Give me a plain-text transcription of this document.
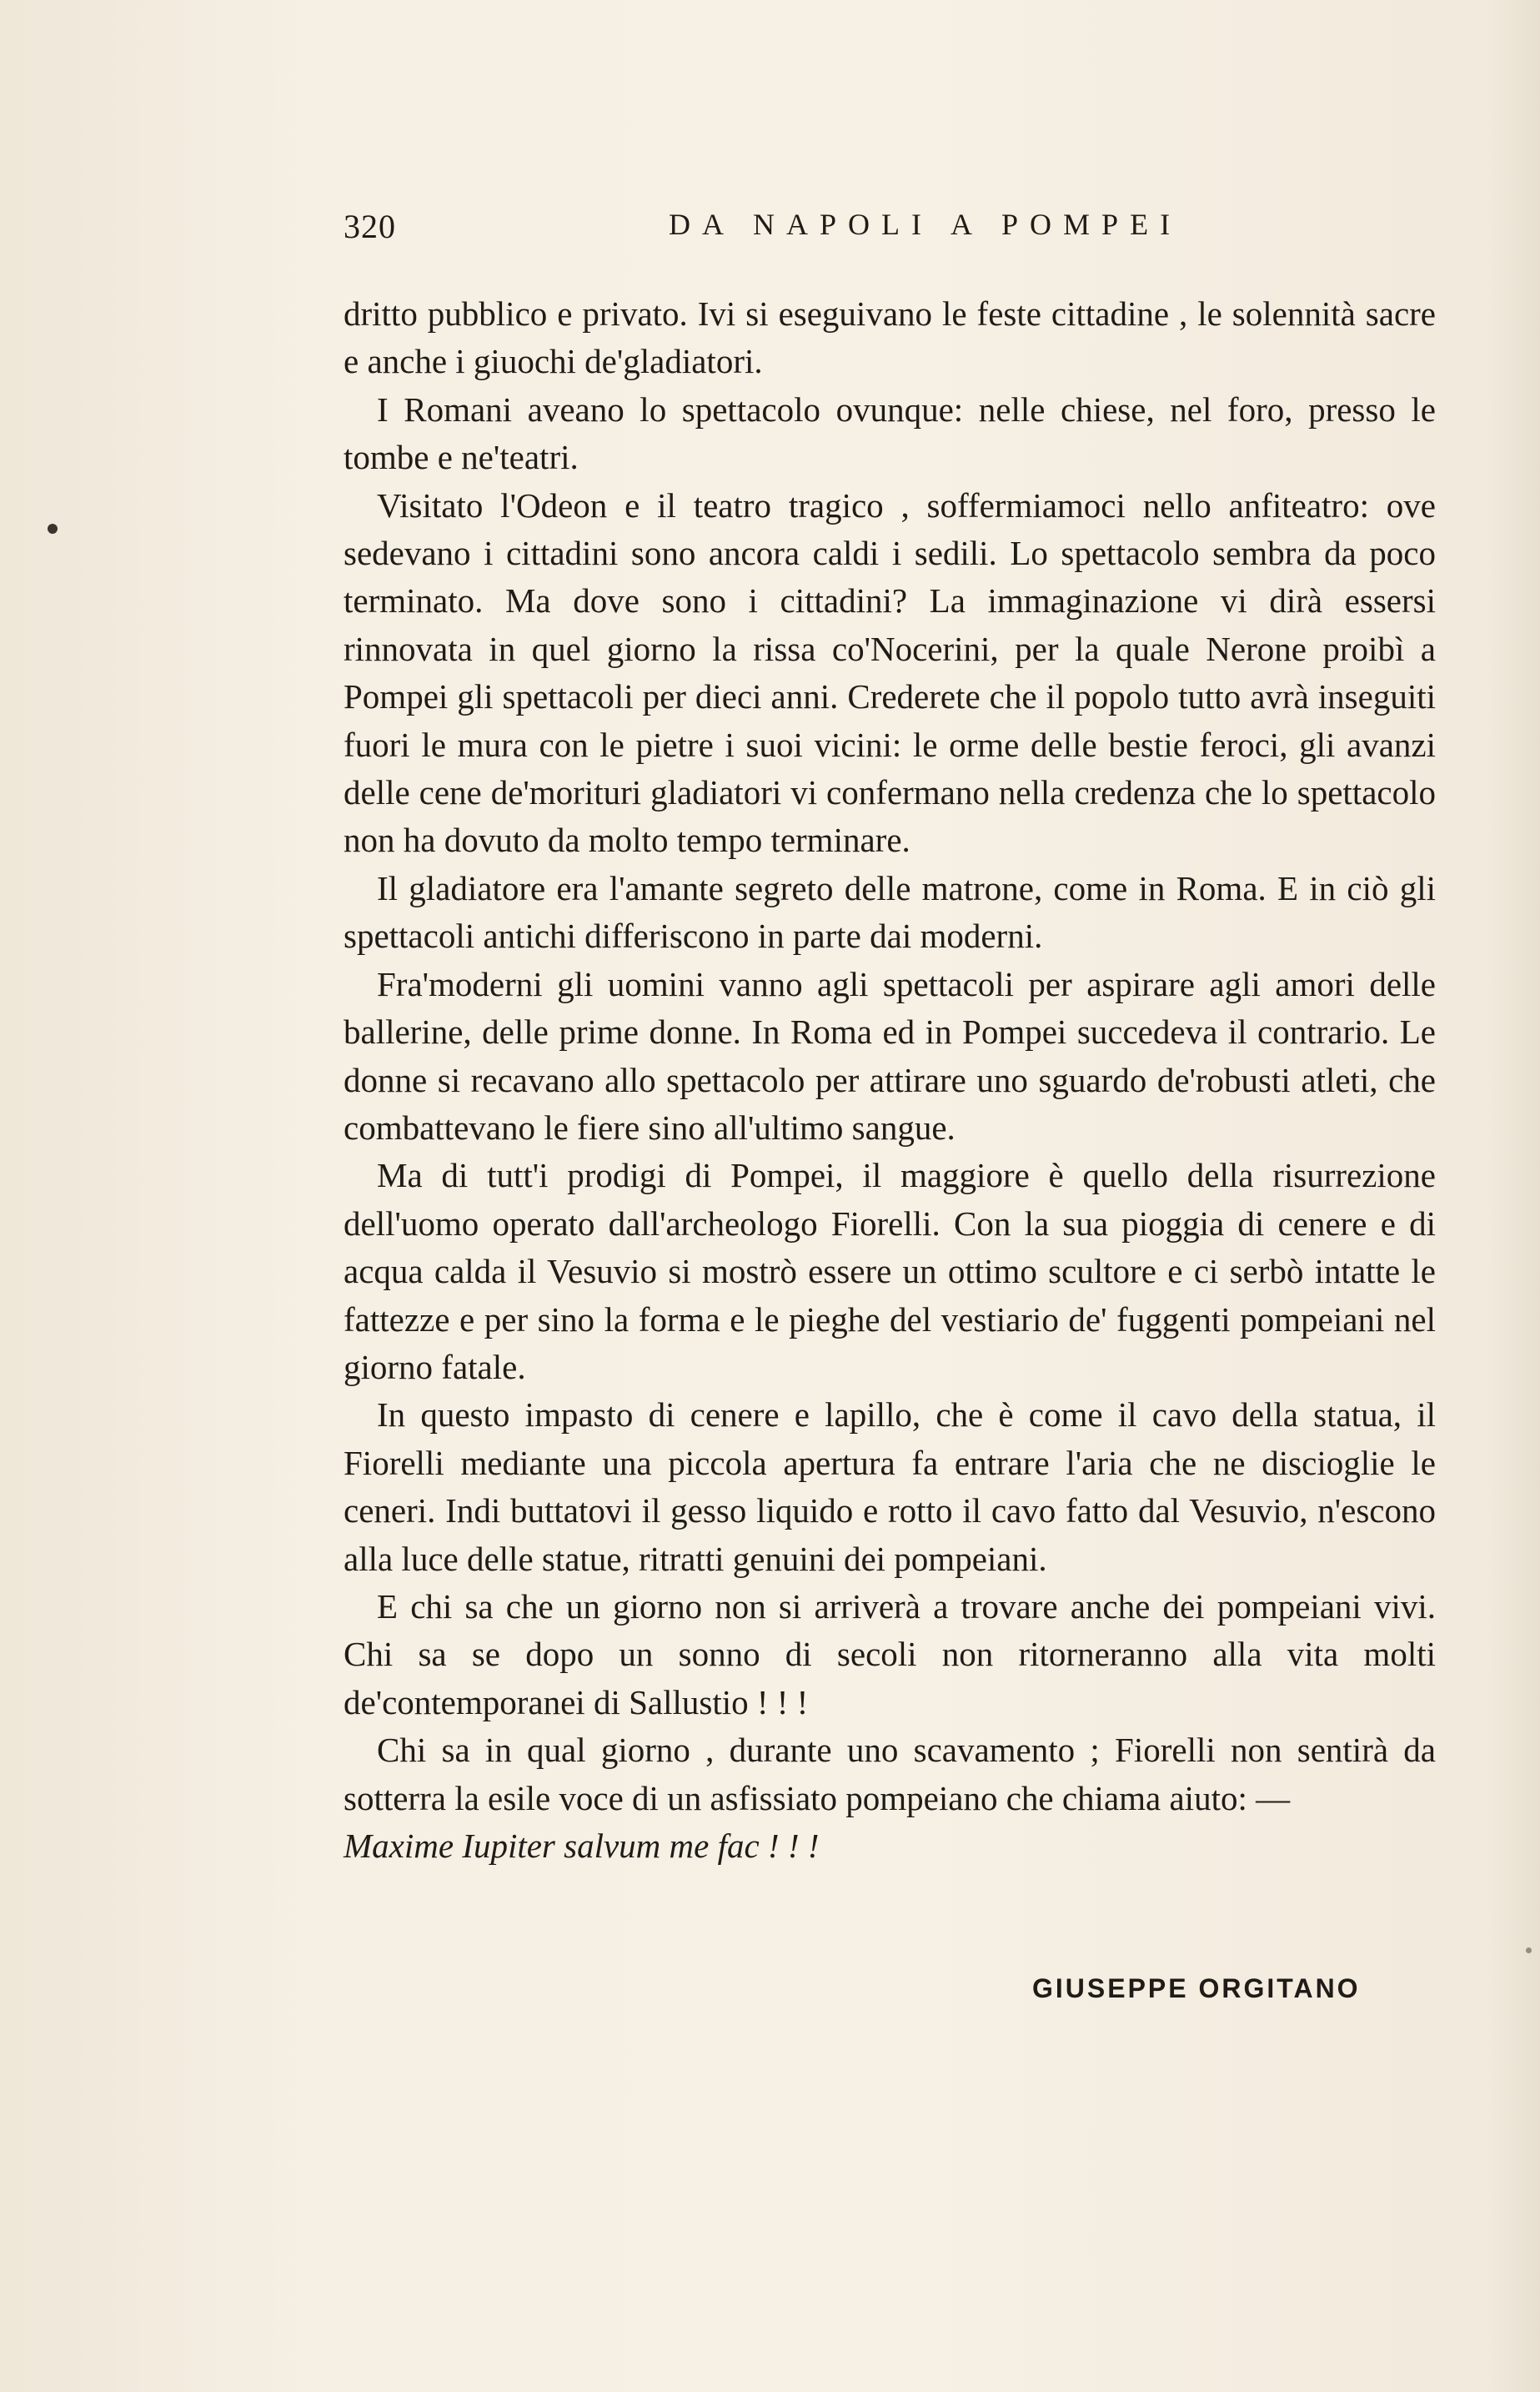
320	DA NAPOLI A POMPEI

dritto pubblico e privato. Ivi si eseguivano le feste cittadine , le solennità sacre e anche i giuochi de'gladiatori.

I Romani aveano lo spettacolo ovunque: nelle chiese, nel foro, presso le tombe e ne'teatri.

Visitato l'Odeon e il teatro tragico , soffermiamoci nello anfiteatro: ove sedevano i cittadini sono ancora caldi i sedili. Lo spettacolo sembra da poco terminato. Ma dove sono i cittadini? La immaginazione vi dirà essersi rinnovata in quel giorno la rissa co'Nocerini, per la quale Nerone proibì a Pompei gli spettacoli per dieci anni. Crederete che il popolo tutto avrà inseguiti fuori le mura con le pietre i suoi vicini: le orme delle bestie feroci, gli avanzi delle cene de'morituri gladiatori vi confermano nella credenza che lo spettacolo non ha dovuto da molto tempo terminare.

Il gladiatore era l'amante segreto delle matrone, come in Roma. E in ciò gli spettacoli antichi differiscono in parte dai moderni.

Fra'moderni gli uomini vanno agli spettacoli per aspirare agli amori delle ballerine, delle prime donne. In Roma ed in Pompei succedeva il contrario. Le donne si recavano allo spettacolo per attirare uno sguardo de'robusti atleti, che combattevano le fiere sino all'ultimo sangue.

Ma di tutt'i prodigi di Pompei, il maggiore è quello della risurrezione dell'uomo operato dall'archeologo Fiorelli. Con la sua pioggia di cenere e di acqua calda il Vesuvio si mostrò essere un ottimo scultore e ci serbò intatte le fattezze e per sino la forma e le pieghe del vestiario de' fuggenti pompeiani nel giorno fatale.

In questo impasto di cenere e lapillo, che è come il cavo della statua, il Fiorelli mediante una piccola apertura fa entrare l'aria che ne discioglie le ceneri. Indi buttatovi il gesso liquido e rotto il cavo fatto dal Vesuvio, n'escono alla luce delle statue, ritratti genuini dei pompeiani.

E chi sa che un giorno non si arriverà a trovare anche dei pompeiani vivi. Chi sa se dopo un sonno di secoli non ritorneranno alla vita molti de'contemporanei di Sallustio ! ! !

Chi sa in qual giorno , durante uno scavamento ; Fiorelli non sentirà da sotterra la esile voce di un asfissiato pompeiano che chiama aiuto: —

Maxime Iupiter salvum me fac ! ! !

GIUSEPPE ORGITANO
